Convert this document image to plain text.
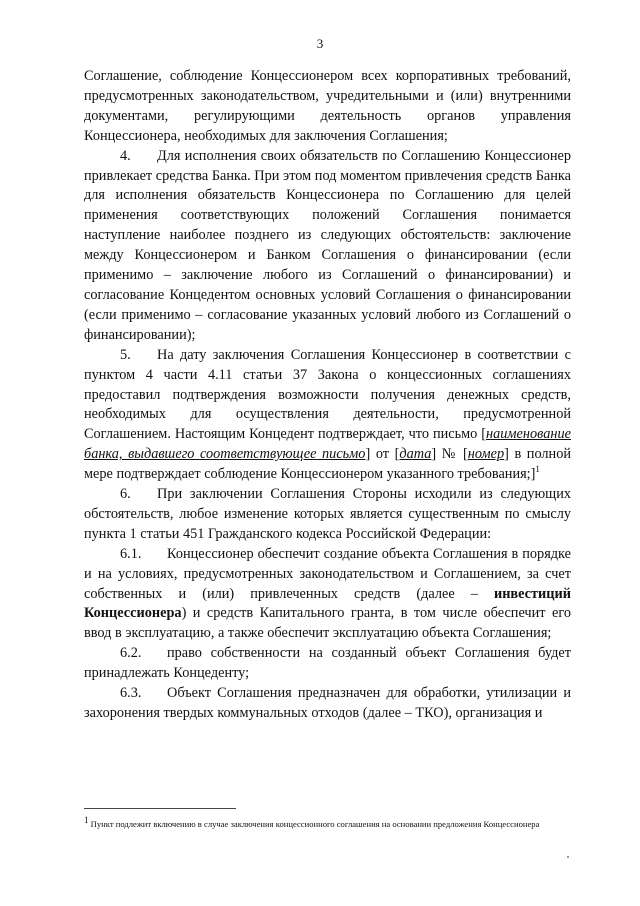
3

Соглашение, соблюдение Концессионером всех корпоративных требований, предусмотренных законодательством, учредительными и (или) внутренними документами, регулирующими деятельность органов управления Концессионера, необходимых для заключения Соглашения;

4. Для исполнения своих обязательств по Соглашению Концессионер привлекает средства Банка. При этом под моментом привлечения средств Банка для исполнения обязательств Концессионера по Соглашению для целей применения соответствующих положений Соглашения понимается наступление наиболее позднего из следующих обстоятельств: заключение между Концессионером и Банком Соглашения о финансировании (если применимо – заключение любого из Соглашений о финансировании) и согласование Концедентом основных условий Соглашения о финансировании (если применимо – согласование указанных условий любого из Соглашений о финансировании);

5. На дату заключения Соглашения Концессионер в соответствии с пунктом 4 части 4.11 статьи 37 Закона о концессионных соглашениях предоставил подтверждения возможности получения денежных средств, необходимых для осуществления деятельности, предусмотренной Соглашением. Настоящим Концедент подтверждает, что письмо [наименование банка, выдавшего соответствующее письмо] от [дата] № [номер] в полной мере подтверждает соблюдение Концессионером указанного требования;]$^1$

6. При заключении Соглашения Стороны исходили из следующих обстоятельств, любое изменение которых является существенным по смыслу пункта 1 статьи 451 Гражданского кодекса Российской Федерации:

6.1. Концессионер обеспечит создание объекта Соглашения в порядке и на условиях, предусмотренных законодательством и Соглашением, за счет собственных и (или) привлеченных средств (далее – инвестиций Концессионера) и средств Капитального гранта, в том числе обеспечит его ввод в эксплуатацию, а также обеспечит эксплуатацию объекта Соглашения;

6.2. право собственности на созданный объект Соглашения будет принадлежать Концеденту;

6.3. Объект Соглашения предназначен для обработки, утилизации и захоронения твердых коммунальных отходов (далее – ТКО), организация и

$^1$ Пункт подлежит включению в случае заключения концессионного соглашения на основании предложения Концессионера
